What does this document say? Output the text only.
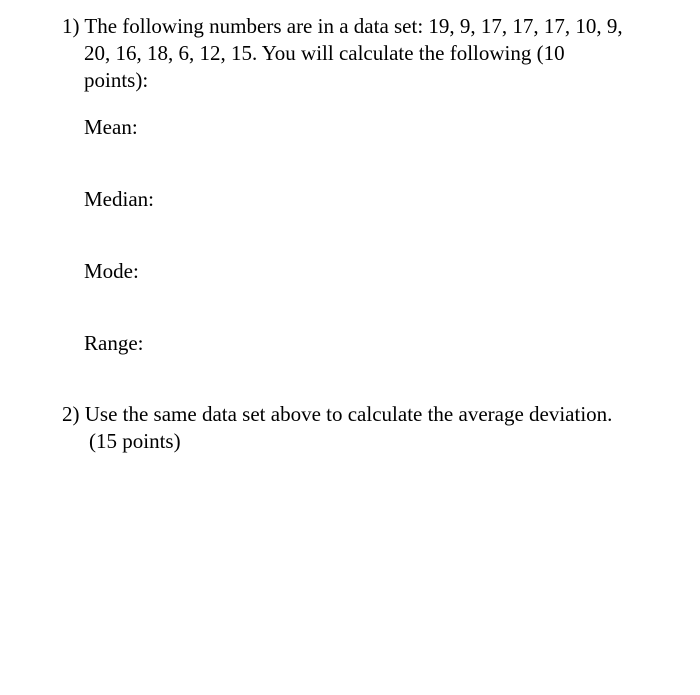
1) The following numbers are in a data set: 19, 9, 17, 17, 17, 10, 9,
20, 16, 18, 6, 12, 15. You will calculate the following (10
points):
Mean:
Median:
Mode:
Range:
2) Use the same data set above to calculate the average deviation.
(15 points)
